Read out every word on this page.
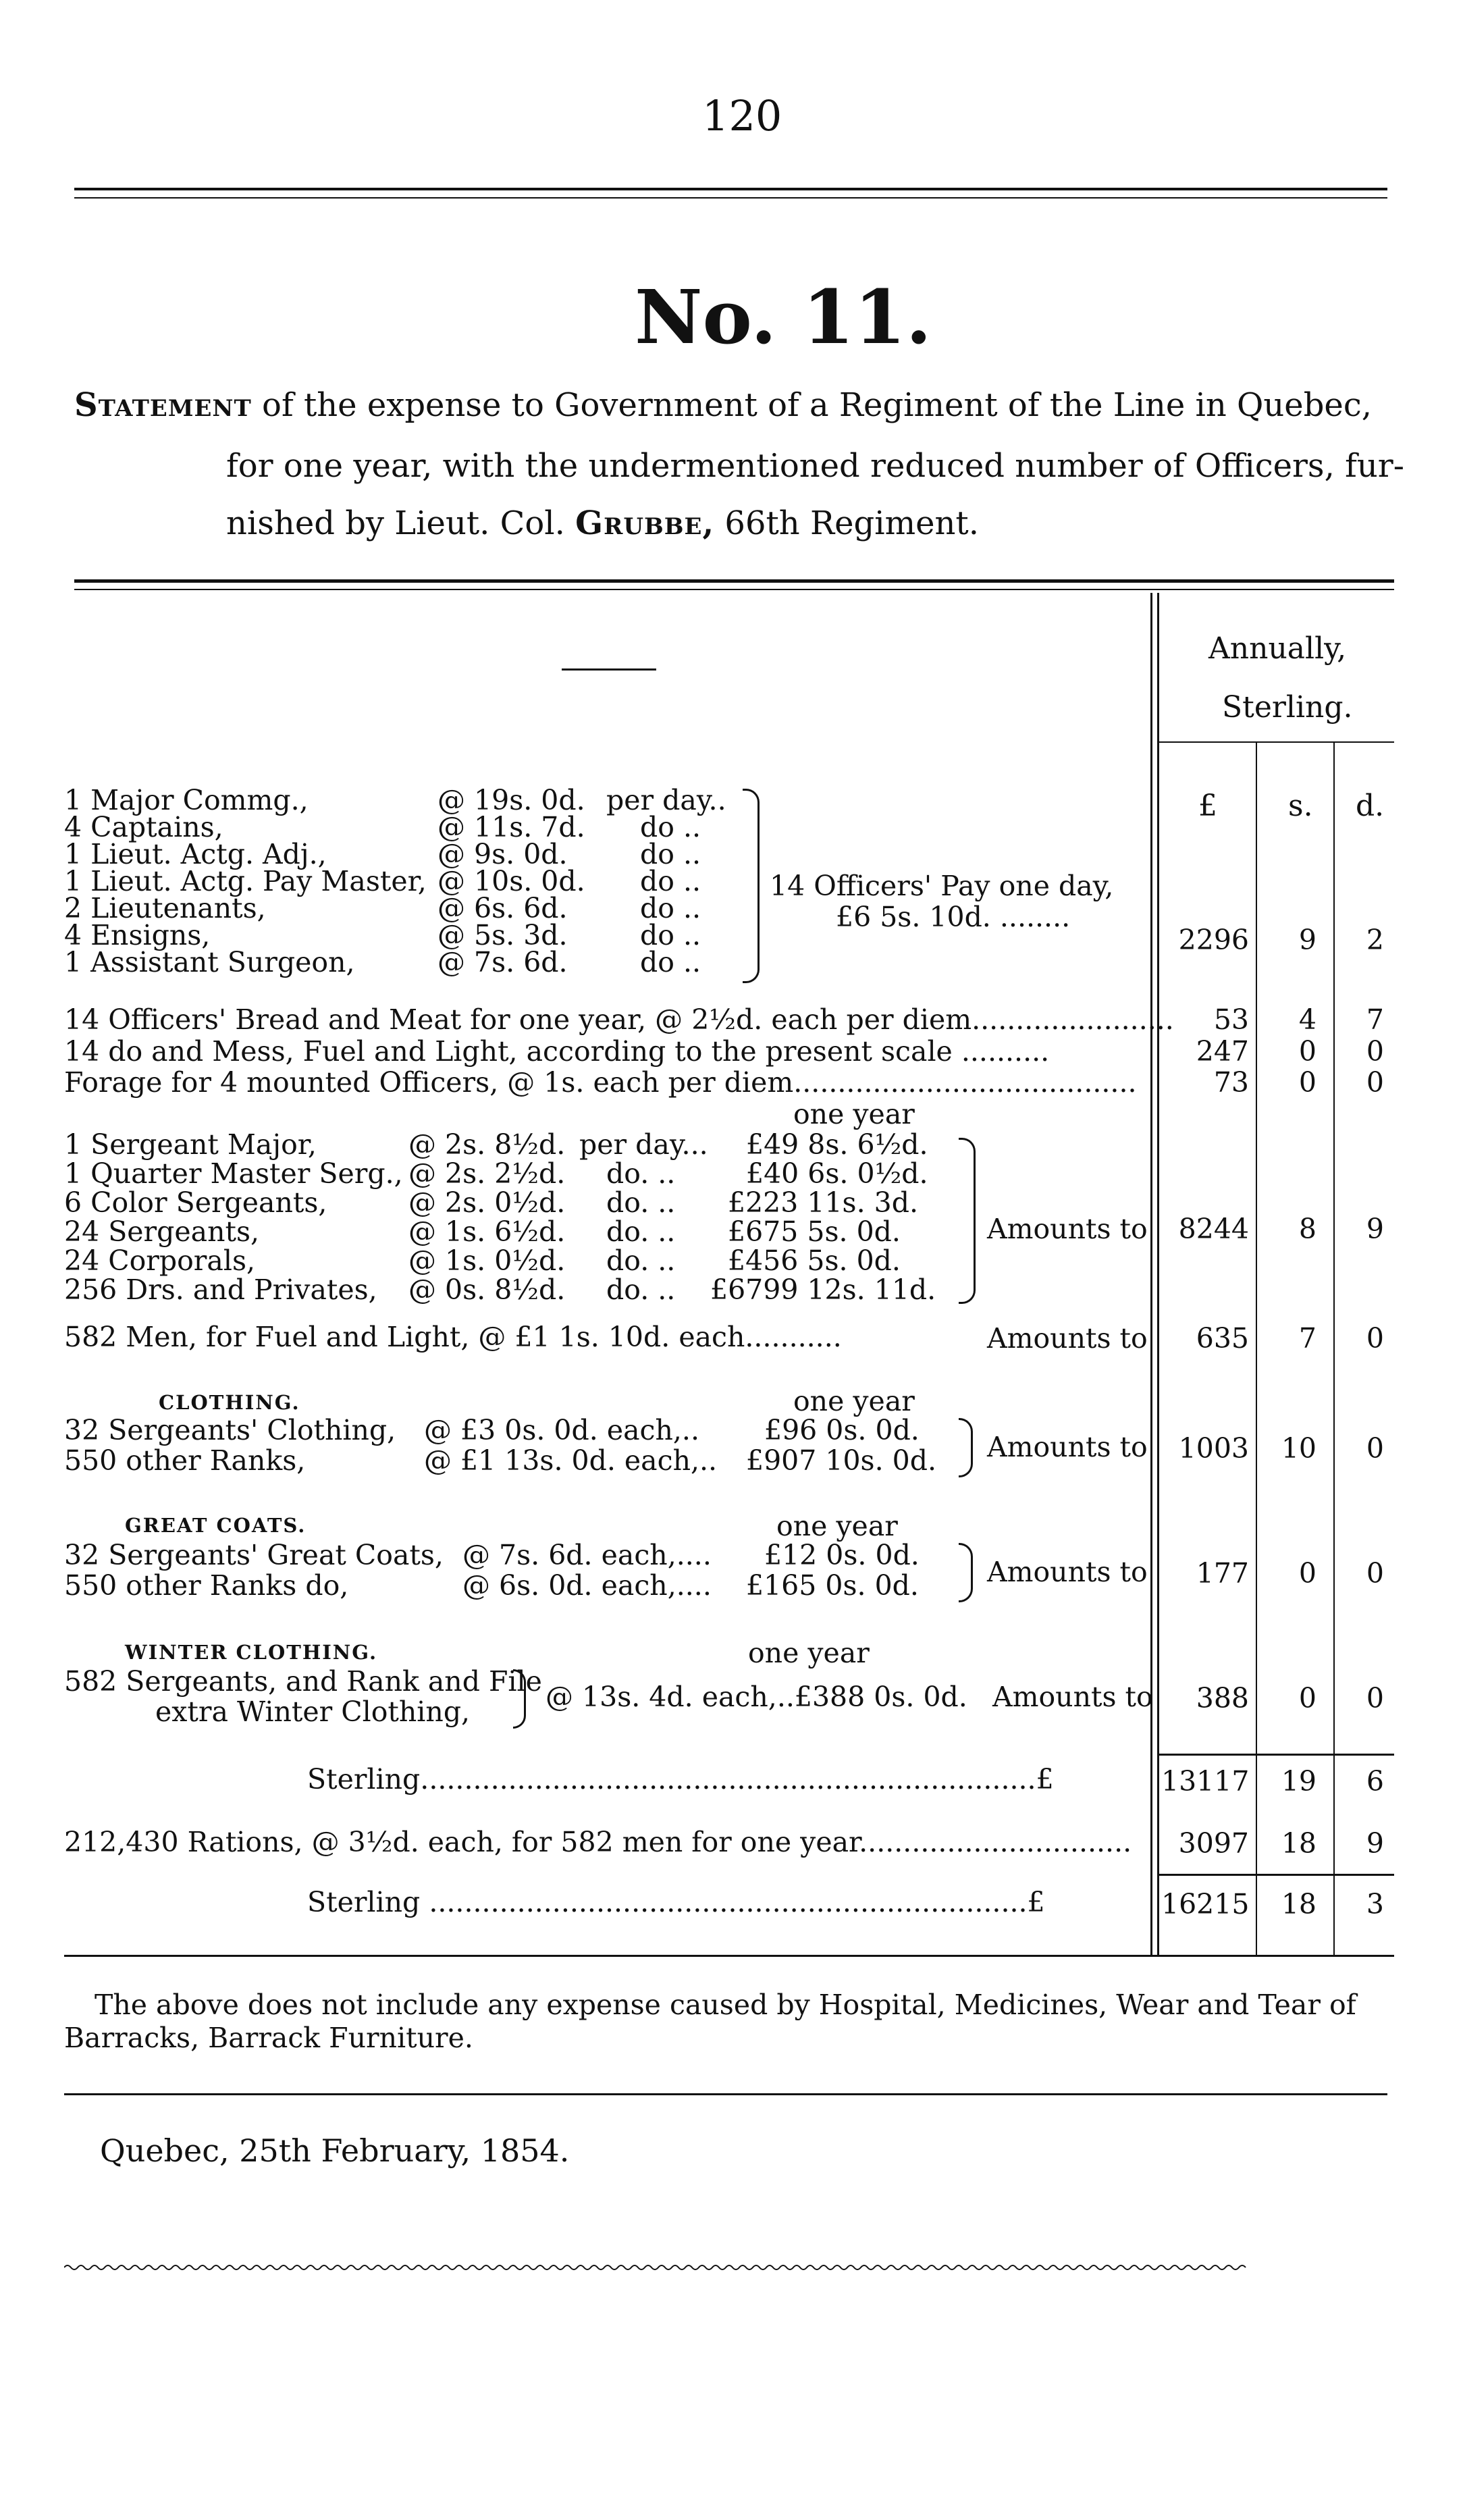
120
No. 11.
Statement of the expense to Government of a Regiment of the Line in Quebec,
for one year, with the undermentioned reduced number of Officers, fur-
nished by Lieut. Col. Grubbe, 66th Regiment.
Annually,
Sterling.
£ s. d.
1 Major Commg.,	@ 19s. 0d. per day..
4 Captains,	@ 11s. 7d. do ..
1 Lieut. Actg. Adj.,	@ 9s. 0d.	do ..
1 Lieut. Actg. Pay Master, @ 10s. 0d. do ..
2 Lieutenants,	@ 6s. 6d.	do ..
4 Ensigns,	@ 5s. 3d.	do ..
1 Assistant Surgeon,	@ 7s. 6d.	do ..
14 Officers' Pay one day,
£6 5s. 10d. ........
2296	9	2
14 Officers' Bread and Meat for one year, @ 2½d. each per diem.......................	53	4	7
14 do and Mess, Fuel and Light, according to the present scale ..........	247	0	0
Forage for 4 mounted Officers, @ 1s. each per diem.......................................	73	0	0
one year
1 Sergeant Major,	@ 2s. 8½d. per day... £49 8s. 6½d.
1 Quarter Master Serg., @ 2s. 2½d. do. ..	£40 6s. 0½d.
6 Color Sergeants,	@ 2s. 0½d. do. .. £223 11s. 3d.
24 Sergeants,	@ 1s. 6½d. do. .. £675 5s. 0d.
24 Corporals,	@ 1s. 0½d. do. .. £456 5s. 0d.
256 Drs. and Privates, @ 0s. 8½d. do. .. £6799 12s. 11d.
Amounts to	8244	8	9
582 Men, for Fuel and Light, @ £1 1s. 10d. each...........	Amounts to	635	7	0
CLOTHING.	one year
32 Sergeants' Clothing, @ £3 0s. 0d. each,.. £96 0s. 0d.
550 other Ranks,	@ £1 13s. 0d. each,.. £907 10s. 0d. Amounts to	1003	10	0
GREAT COATS.	one year
32 Sergeants' Great Coats, @ 7s. 6d. each,.... £12 0s. 0d.
550 other Ranks do,	@ 6s. 0d. each,.... £165 0s. 0d. Amounts to	177	0	0
WINTER CLOTHING.	one year
582 Sergeants, and Rank and File
extra Winter Clothing,	@ 13s. 4d. each,..£388 0s. 0d. Amounts to	388	0	0
Sterling......................................................................£	13117	19	6
212,430 Rations, @ 3½d. each, for 582 men for one year...............................	3097	18	9
Sterling ....................................................................£	16215	18	3
The above does not include any expense caused by Hospital, Medicines, Wear and Tear of Barracks, Barrack Furniture.
Quebec, 25th February, 1854.
